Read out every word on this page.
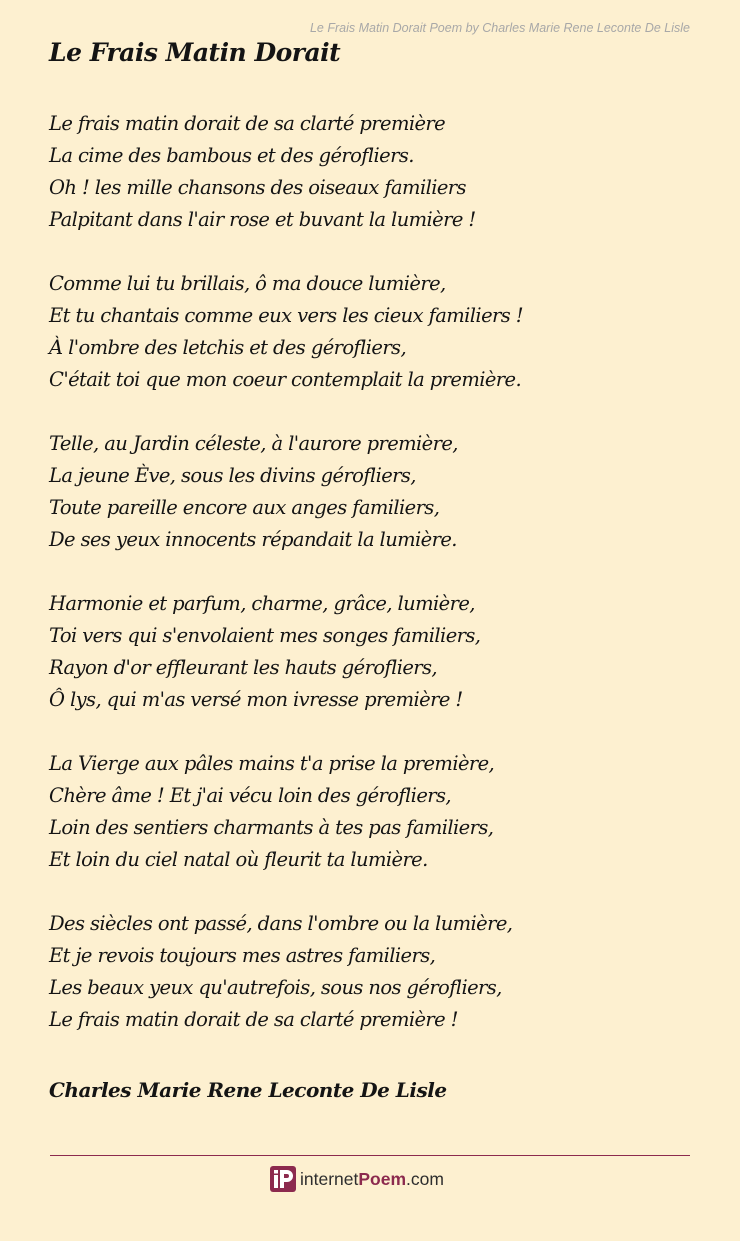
Le Frais Matin Dorait Poem by Charles Marie Rene Leconte De Lisle
Le Frais Matin Dorait
Le frais matin dorait de sa clarté première
La cime des bambous et des gérofliers.
Oh ! les mille chansons des oiseaux familiers
Palpitant dans l'air rose et buvant la lumière !
Comme lui tu brillais, ô ma douce lumière,
Et tu chantais comme eux vers les cieux familiers !
À l'ombre des letchis et des gérofliers,
C'était toi que mon coeur contemplait la première.
Telle, au Jardin céleste, à l'aurore première,
La jeune Ève, sous les divins gérofliers,
Toute pareille encore aux anges familiers,
De ses yeux innocents répandait la lumière.
Harmonie et parfum, charme, grâce, lumière,
Toi vers qui s'envolaient mes songes familiers,
Rayon d'or effleurant les hauts gérofliers,
Ô lys, qui m'as versé mon ivresse première !
La Vierge aux pâles mains t'a prise la première,
Chère âme ! Et j'ai vécu loin des gérofliers,
Loin des sentiers charmants à tes pas familiers,
Et loin du ciel natal où fleurit ta lumière.
Des siècles ont passé, dans l'ombre ou la lumière,
Et je revois toujours mes astres familiers,
Les beaux yeux qu'autrefois, sous nos gérofliers,
Le frais matin dorait de sa clarté première !
Charles Marie Rene Leconte De Lisle
internet Poem .com
